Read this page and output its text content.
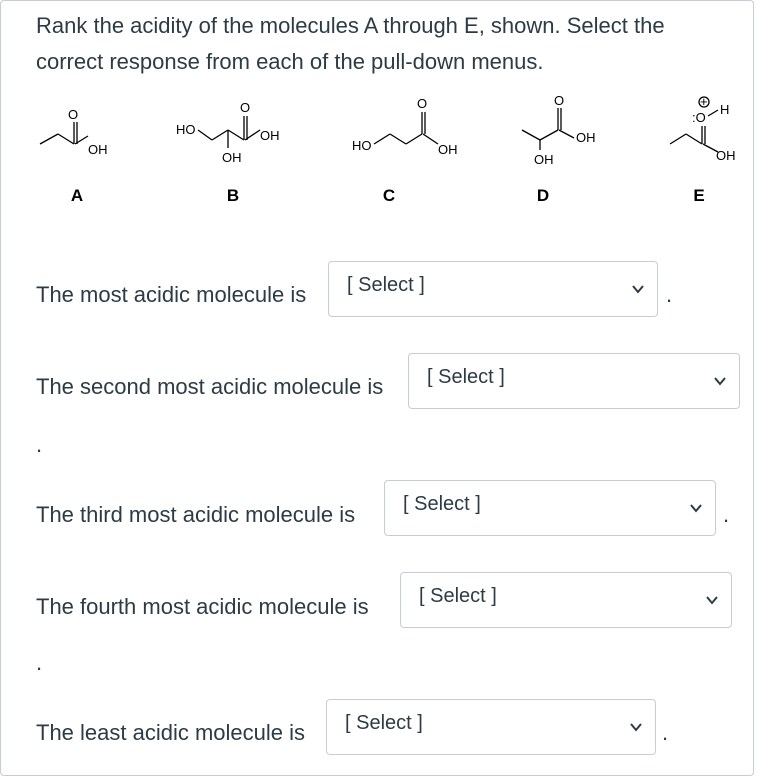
Rank the acidity of the molecules A through E, shown. Select the correct response from each of the pull-down menus.

O
OH
A
HO
O
OH
OH
B
HO
O
OH
C
O
OH
OH
D
+
:O
H
OH
E
The most acidic molecule is [ Select ]	.
The second most acidic molecule is [ Select ]
.
The third most acidic molecule is [ Select ]	.
The fourth most acidic molecule is	[ Select ]
.
The least acidic molecule is [ Select ]	.
